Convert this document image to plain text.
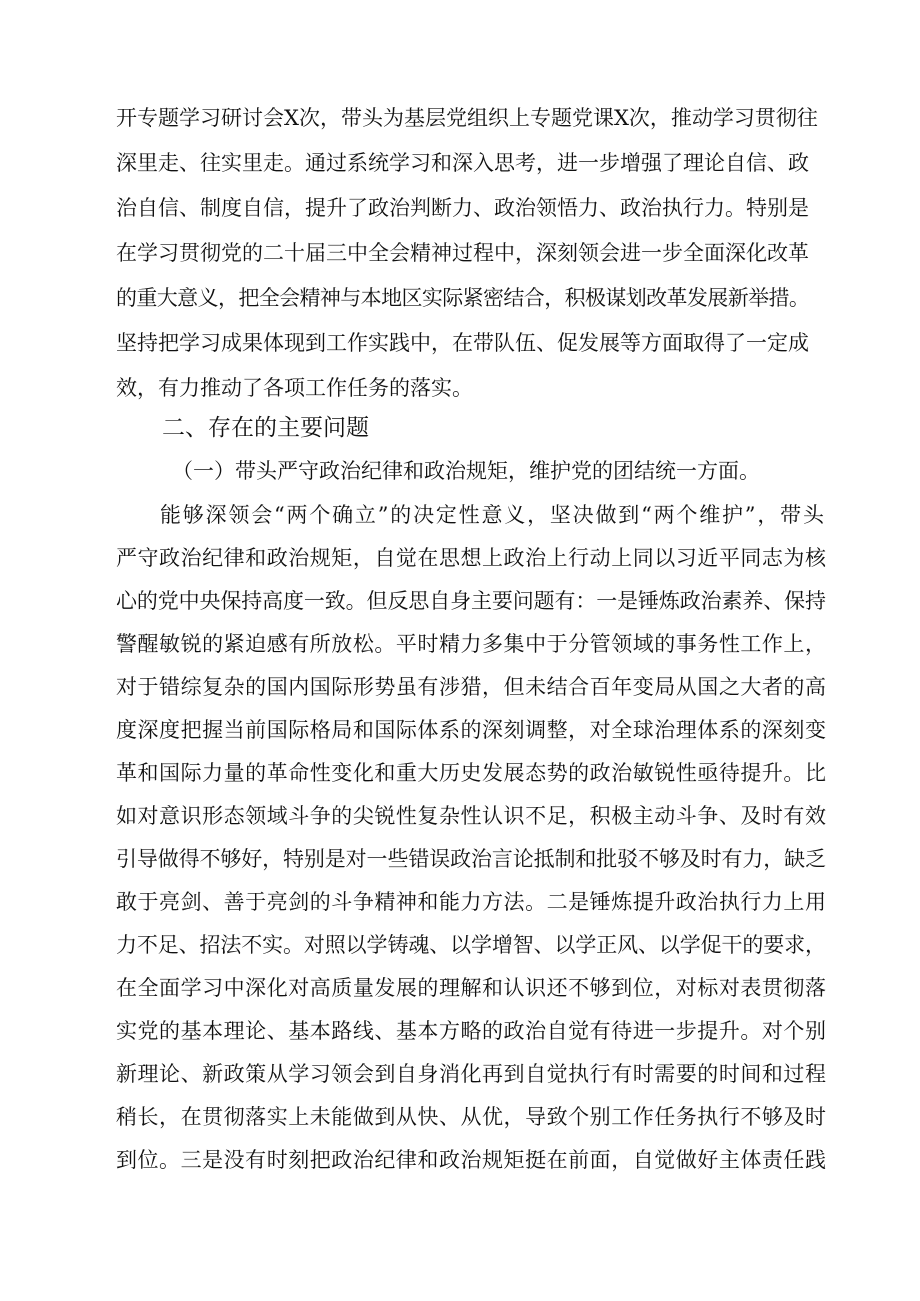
开专题学习研讨会X次，带头为基层党组织上专题党课X次，推动学习贯彻往
深里走、往实里走。通过系统学习和深入思考，进一步增强了理论自信、政
治自信、制度自信，提升了政治判断力、政治领悟力、政治执行力。特别是
在学习贯彻党的二十届三中全会精神过程中，深刻领会进一步全面深化改革
的重大意义，把全会精神与本地区实际紧密结合，积极谋划改革发展新举措。
坚持把学习成果体现到工作实践中，在带队伍、促发展等方面取得了一定成
效，有力推动了各项工作任务的落实。
二、存在的主要问题
（一）带头严守政治纪律和政治规矩，维护党的团结统一方面。
能够深领会“两个确立”的决定性意义，坚决做到“两个维护”，带头
严守政治纪律和政治规矩，自觉在思想上政治上行动上同以习近平同志为核
心的党中央保持高度一致。但反思自身主要问题有：一是锤炼政治素养、保持
警醒敏锐的紧迫感有所放松。平时精力多集中于分管领域的事务性工作上，
对于错综复杂的国内国际形势虽有涉猎，但未结合百年变局从国之大者的高
度深度把握当前国际格局和国际体系的深刻调整，对全球治理体系的深刻变
革和国际力量的革命性变化和重大历史发展态势的政治敏锐性亟待提升。比
如对意识形态领域斗争的尖锐性复杂性认识不足，积极主动斗争、及时有效
引导做得不够好，特别是对一些错误政治言论抵制和批驳不够及时有力，缺乏
敢于亮剑、善于亮剑的斗争精神和能力方法。二是锤炼提升政治执行力上用
力不足、招法不实。对照以学铸魂、以学增智、以学正风、以学促干的要求，
在全面学习中深化对高质量发展的理解和认识还不够到位，对标对表贯彻落
实党的基本理论、基本路线、基本方略的政治自觉有待进一步提升。对个别
新理论、新政策从学习领会到自身消化再到自觉执行有时需要的时间和过程
稍长，在贯彻落实上未能做到从快、从优，导致个别工作任务执行不够及时
到位。三是没有时刻把政治纪律和政治规矩挺在前面，自觉做好主体责任践
